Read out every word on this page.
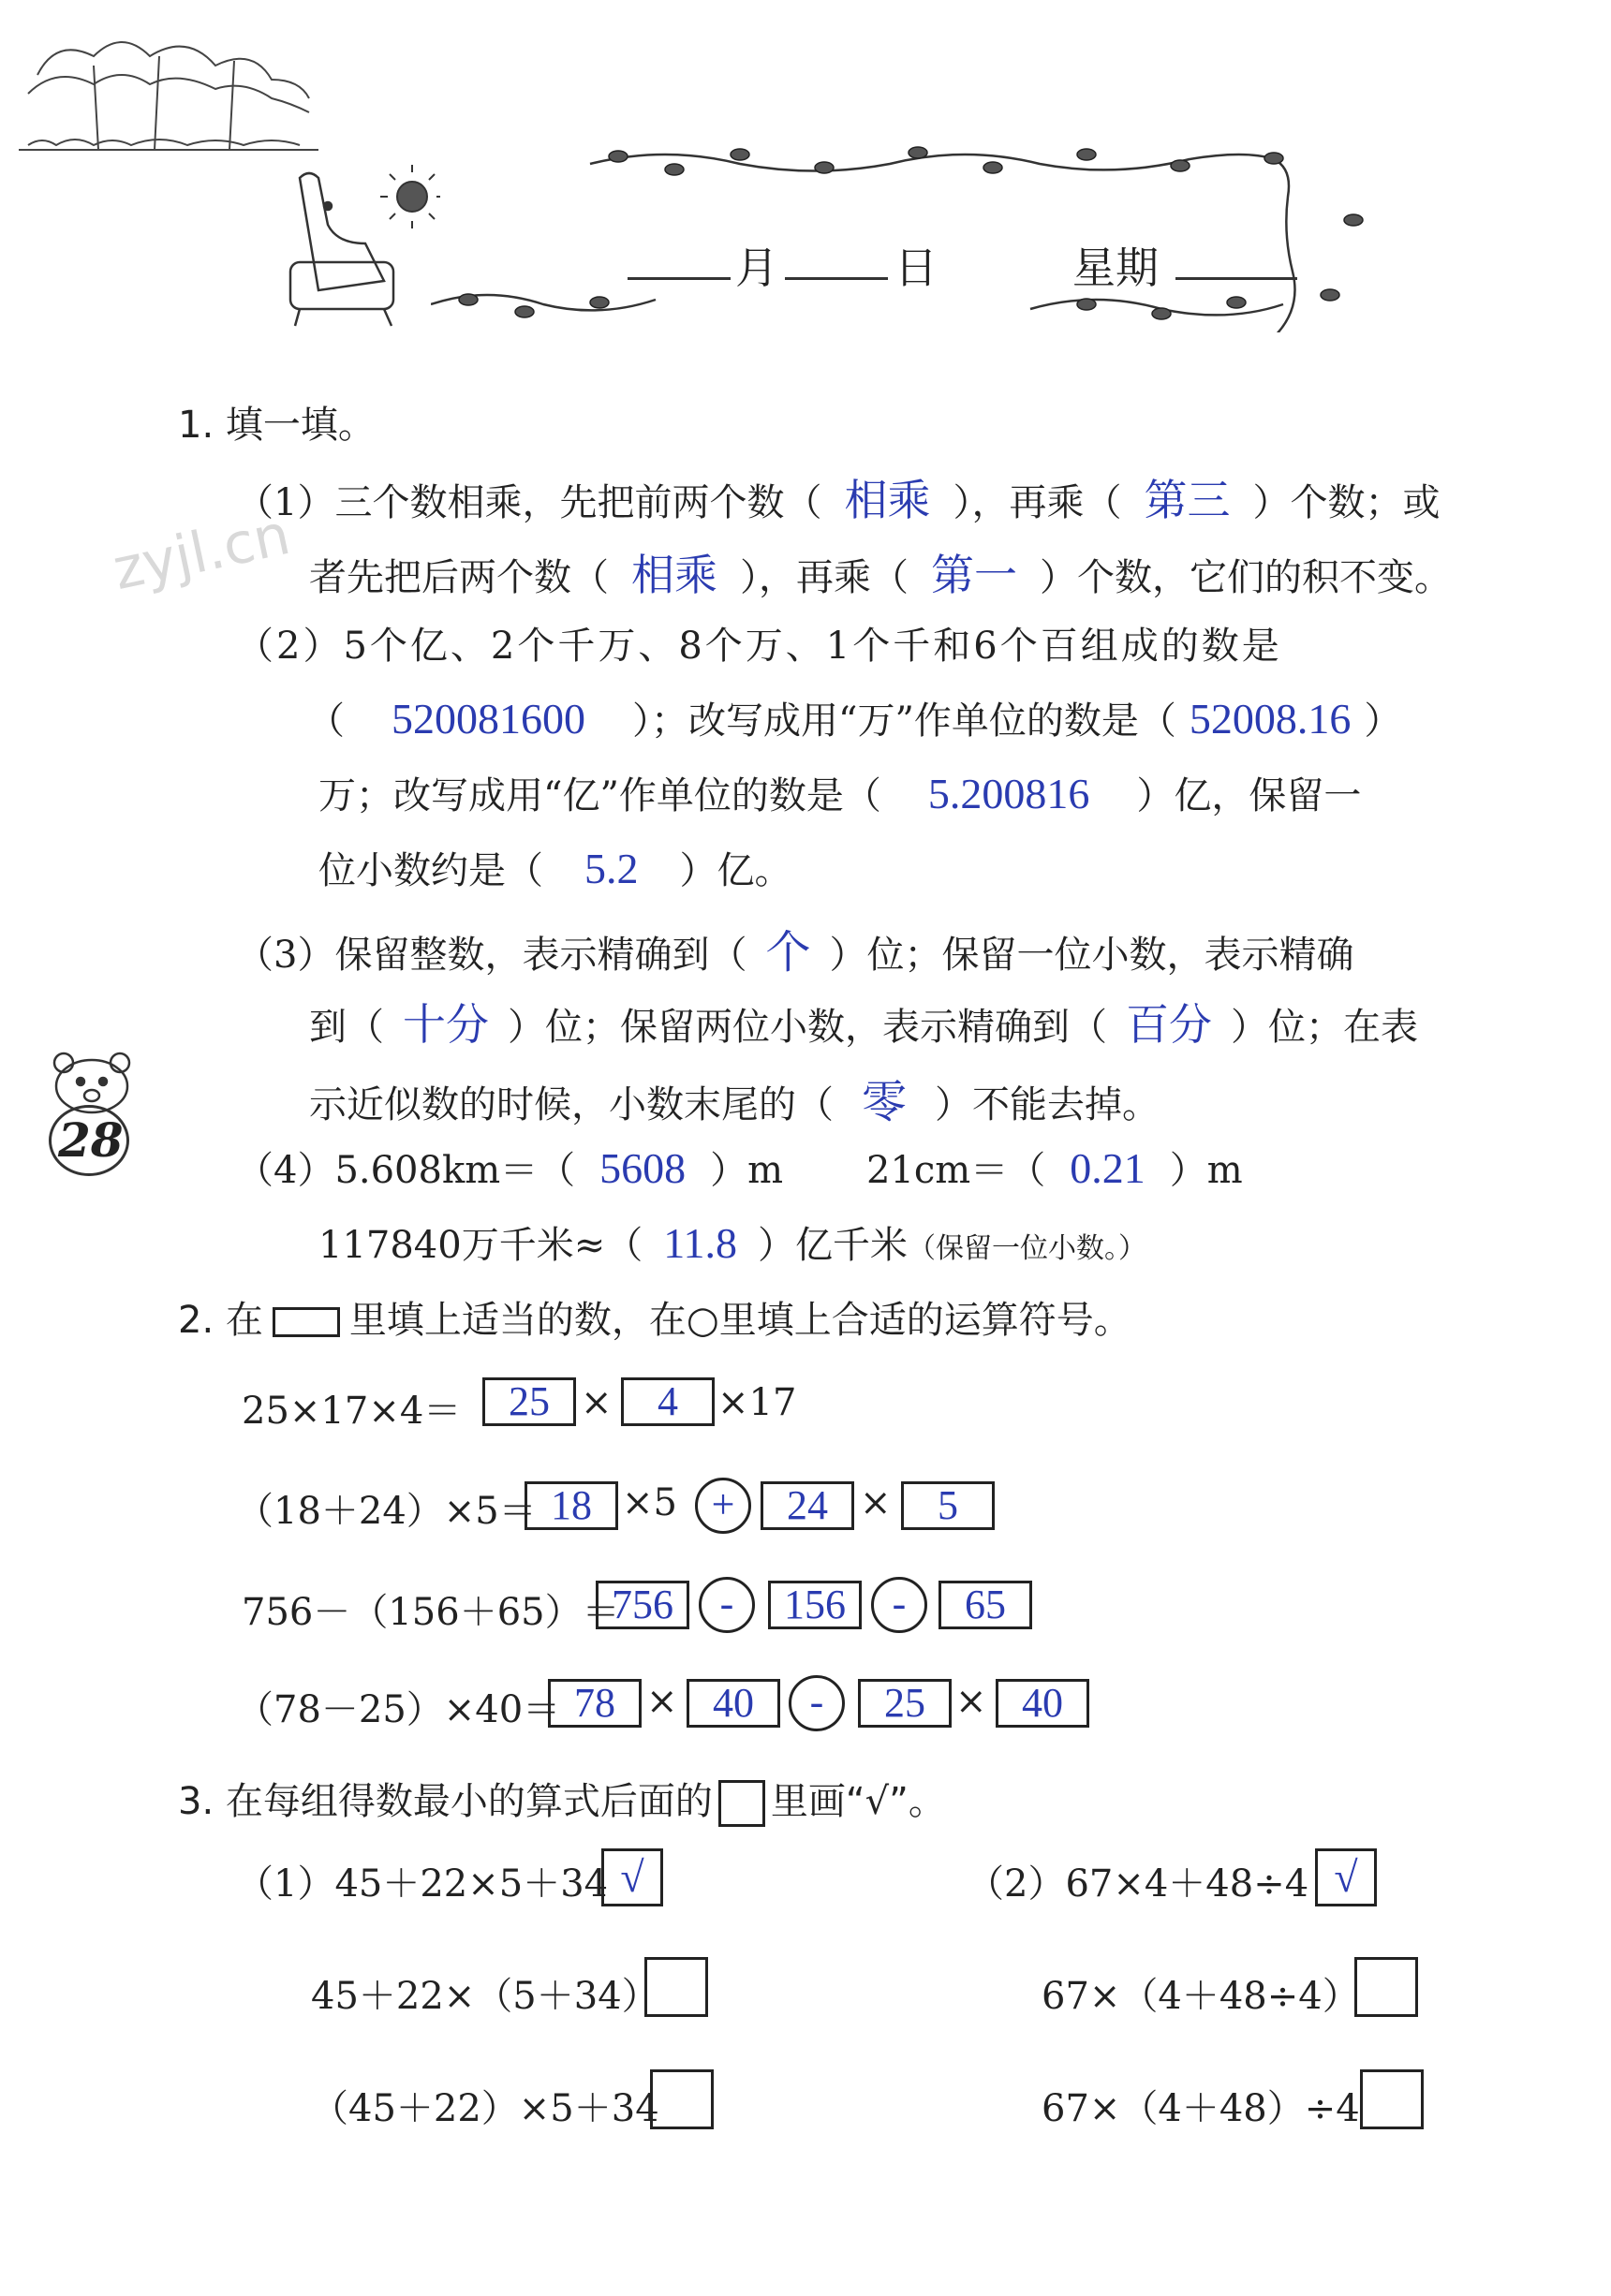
月	日	星期
zyjl.cn
28
1. 填一填。
（1）三个数相乘，先把前两个数（ 相乘 ），再乘（ 第三 ）个数；或
者先把后两个数（ 相乘 ），再乘（ 第一 ）个数，它们的积不变。
（2）5个亿、2个千万、8个万、1个千和6个百组成的数是
（ 520081600 ）；改写成用“万”作单位的数是（ 52008.16 ）
万；改写成用“亿”作单位的数是（ 5.200816 ）亿，保留一
位小数约是（ 5.2 ）亿。
（3）保留整数，表示精确到（ 个 ）位；保留一位小数，表示精确
到（ 十分 ）位；保留两位小数，表示精确到（ 百分 ）位；在表
示近似数的时候，小数末尾的（ 零 ）不能去掉。
（4）5.608km＝（ 5608 ）m 21cm＝（ 0.21 ）m
117840万千米≈（ 11.8 ）亿千米（保留一位小数。）
2. 在 里填上适当的数，在○里填上合适的运算符号。
25×17×4＝	25 ×	4	×17
（18＋24）×5＝ 18 ×5 +	24 ×	5
756－（156＋65）＝
756	-	156	-	65
（78－25）×40＝ 78 × 40	-	25 × 40
3. 在每组得数最小的算式后面的 里画“√”。
（1）45＋22×5＋34 √
45＋22×（5＋34）
（45＋22）×5＋34
（2）67×4＋48÷4 √
67×（4＋48÷4）
67×（4＋48）÷4
